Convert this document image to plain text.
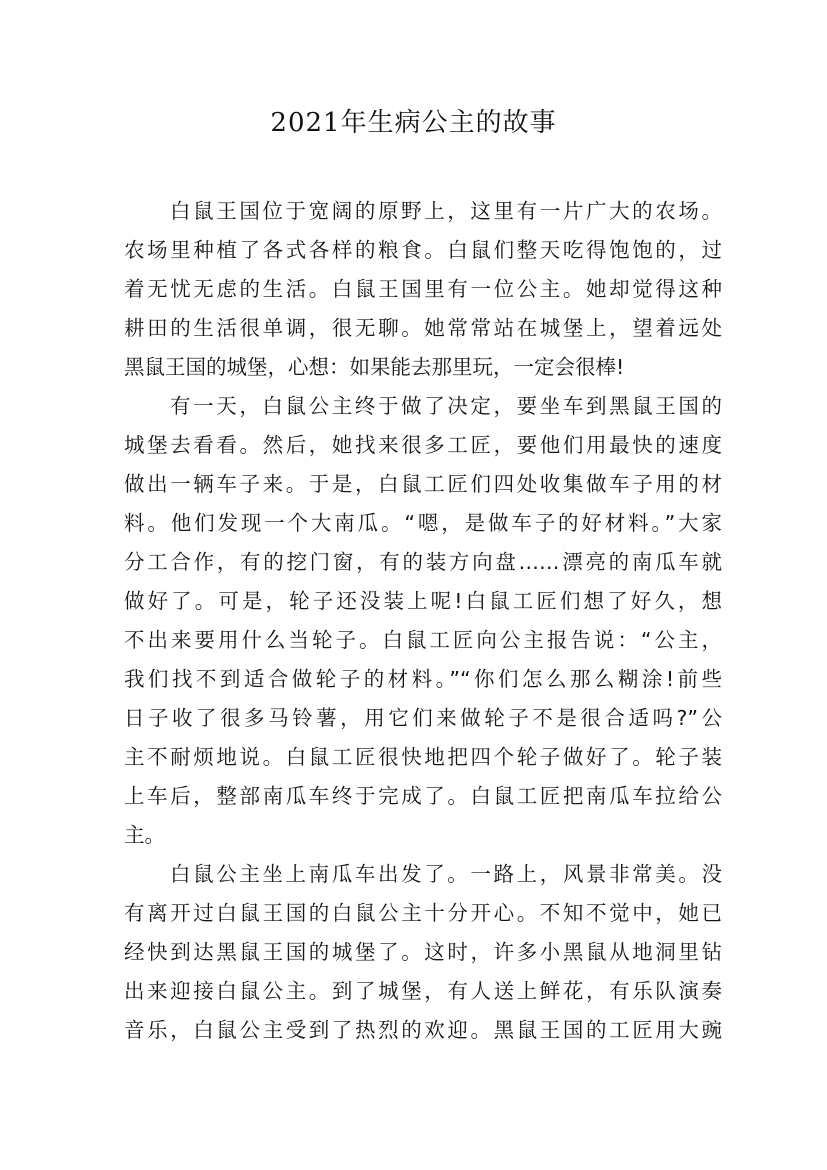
2021年生病公主的故事
白鼠王国位于宽阔的原野上，这里有一片广大的农场。
农场里种植了各式各样的粮食。白鼠们整天吃得饱饱的，过
着无忧无虑的生活。白鼠王国里有一位公主。她却觉得这种
耕田的生活很单调，很无聊。她常常站在城堡上，望着远处
黑鼠王国的城堡，心想：如果能去那里玩，一定会很棒!
有一天，白鼠公主终于做了决定，要坐车到黑鼠王国的
城堡去看看。然后，她找来很多工匠，要他们用最快的速度
做出一辆车子来。于是，白鼠工匠们四处收集做车子用的材
料。他们发现一个大南瓜。“嗯，是做车子的好材料。”大家
分工合作，有的挖门窗，有的装方向盘……漂亮的南瓜车就
做好了。可是，轮子还没装上呢!白鼠工匠们想了好久，想
不出来要用什么当轮子。白鼠工匠向公主报告说：“公主，
我们找不到适合做轮子的材料。”“你们怎么那么糊涂!前些
日子收了很多马铃薯，用它们来做轮子不是很合适吗?”公
主不耐烦地说。白鼠工匠很快地把四个轮子做好了。轮子装
上车后，整部南瓜车终于完成了。白鼠工匠把南瓜车拉给公
主。
白鼠公主坐上南瓜车出发了。一路上，风景非常美。没
有离开过白鼠王国的白鼠公主十分开心。不知不觉中，她已
经快到达黑鼠王国的城堡了。这时，许多小黑鼠从地洞里钻
出来迎接白鼠公主。到了城堡，有人送上鲜花，有乐队演奏
音乐，白鼠公主受到了热烈的欢迎。黑鼠王国的工匠用大豌
